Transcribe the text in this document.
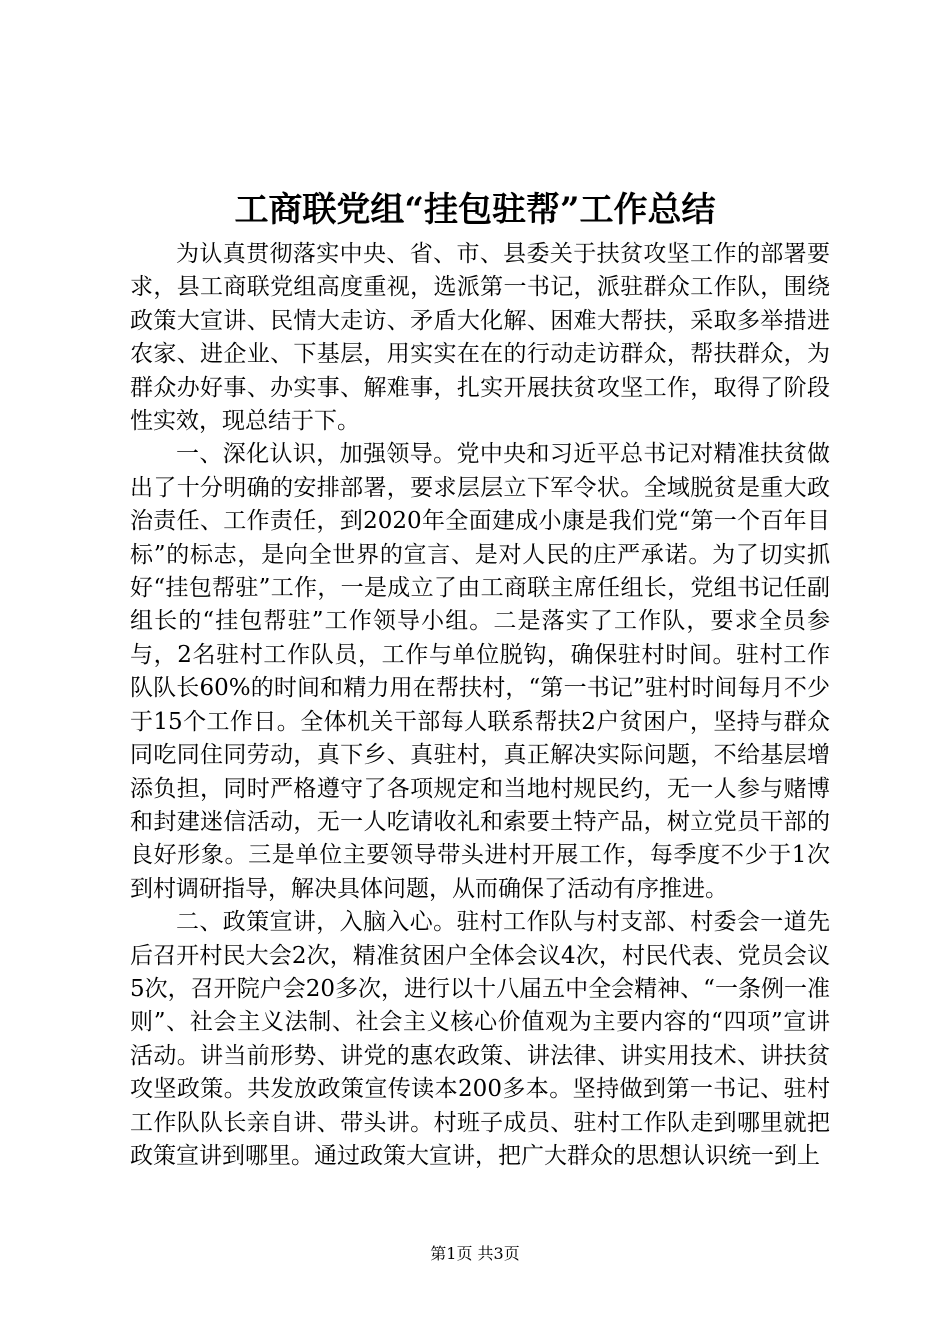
工商联党组“挂包驻帮”工作总结

为认真贯彻落实中央、省、市、县委关于扶贫攻坚工作的部署要求，县工商联党组高度重视，选派第一书记，派驻群众工作队，围绕政策大宣讲、民情大走访、矛盾大化解、困难大帮扶，采取多举措进农家、进企业、下基层，用实实在在的行动走访群众，帮扶群众，为群众办好事、办实事、解难事，扎实开展扶贫攻坚工作，取得了阶段性实效，现总结于下。

一、深化认识，加强领导。党中央和习近平总书记对精准扶贫做出了十分明确的安排部署，要求层层立下军令状。全域脱贫是重大政治责任、工作责任，到2020年全面建成小康是我们党“第一个百年目标”的标志，是向全世界的宣言、是对人民的庄严承诺。为了切实抓好“挂包帮驻”工作，一是成立了由工商联主席任组长，党组书记任副组长的“挂包帮驻”工作领导小组。二是落实了工作队，要求全员参与，2名驻村工作队员，工作与单位脱钩，确保驻村时间。驻村工作队队长60%的时间和精力用在帮扶村，“第一书记”驻村时间每月不少于15个工作日。全体机关干部每人联系帮扶2户贫困户，坚持与群众同吃同住同劳动，真下乡、真驻村，真正解决实际问题，不给基层增添负担，同时严格遵守了各项规定和当地村规民约，无一人参与赌博和封建迷信活动，无一人吃请收礼和索要土特产品，树立党员干部的良好形象。三是单位主要领导带头进村开展工作，每季度不少于1次到村调研指导，解决具体问题，从而确保了活动有序推进。

二、政策宣讲，入脑入心。驻村工作队与村支部、村委会一道先后召开村民大会2次，精准贫困户全体会议4次，村民代表、党员会议5次，召开院户会20多次，进行以十八届五中全会精神、“一条例一准则”、社会主义法制、社会主义核心价值观为主要内容的“四项”宣讲活动。讲当前形势、讲党的惠农政策、讲法律、讲实用技术、讲扶贫攻坚政策。共发放政策宣传读本200多本。坚持做到第一书记、驻村工作队队长亲自讲、带头讲。村班子成员、驻村工作队走到哪里就把政策宣讲到哪里。通过政策大宣讲，把广大群众的思想认识统一到上

第1页 共3页
